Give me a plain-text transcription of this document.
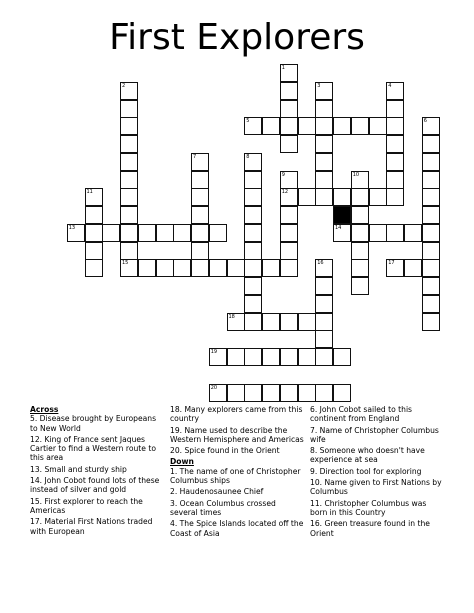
First Explorers
1
2	3	4
5	6
7	8
9
12
10
11
13	14
15	16	17
18
19
20
Across
5. Disease brought by Europeans to New World
12. King of France sent Jaques Cartier to find a Western route to this area
13. Small and sturdy ship
14. John Cobot found lots of these instead of silver and gold
15. First explorer to reach the Americas
17. Material First Nations traded with European
18. Many explorers came from this country
19. Name used to describe the Western Hemisphere and Americas
20. Spice found in the Orient
Down
1. The name of one of Christopher Columbus ships
2. Haudenosaunee Chief
3. Ocean Columbus crossed several times
4. The Spice Islands located off the Coast of Asia
6. John Cobot sailed to this continent from England
7. Name of Christopher Columbus wife
8. Someone who doesn't have experience at sea
9. Direction tool for exploring
10. Name given to First Nations by Columbus
11. Christopher Columbus was born in this Country
16. Green treasure found in the Orient
